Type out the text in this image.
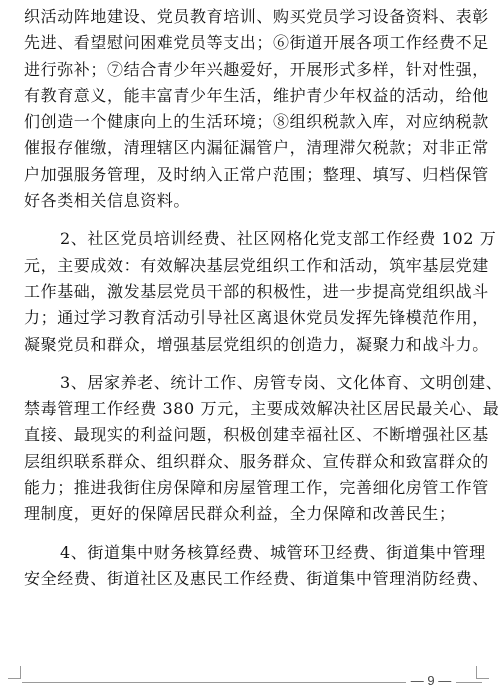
织活动阵地建设、党员教育培训、购买党员学习设备资料、表彰
先进、看望慰问困难党员等支出；⑥街道开展各项工作经费不足
进行弥补；⑦结合青少年兴趣爱好，开展形式多样，针对性强，
有教育意义，能丰富青少年生活，维护青少年权益的活动，给他
们创造一个健康向上的生活环境；⑧组织税款入库，对应纳税款
催报存催缴，清理辖区内漏征漏管户，清理滞欠税款；对非正常
户加强服务管理，及时纳入正常户范围；整理、填写、归档保管
好各类相关信息资料。
2、社区党员培训经费、社区网格化党支部工作经费 102 万
元，主要成效：有效解决基层党组织工作和活动，筑牢基层党建
工作基础，激发基层党员干部的积极性，进一步提高党组织战斗
力；通过学习教育活动引导社区离退休党员发挥先锋模范作用，
凝聚党员和群众，增强基层党组织的创造力，凝聚力和战斗力。
3、居家养老、统计工作、房管专岗、文化体育、文明创建、
禁毒管理工作经费 380 万元，主要成效解决社区居民最关心、最
直接、最现实的利益问题，积极创建幸福社区、不断增强社区基
层组织联系群众、组织群众、服务群众、宣传群众和致富群众的
能力；推进我街住房保障和房屋管理工作，完善细化房管工作管
理制度，更好的保障居民群众利益，全力保障和改善民生；
4、街道集中财务核算经费、城管环卫经费、街道集中管理
安全经费、街道社区及惠民工作经费、街道集中管理消防经费、
— 9 —
